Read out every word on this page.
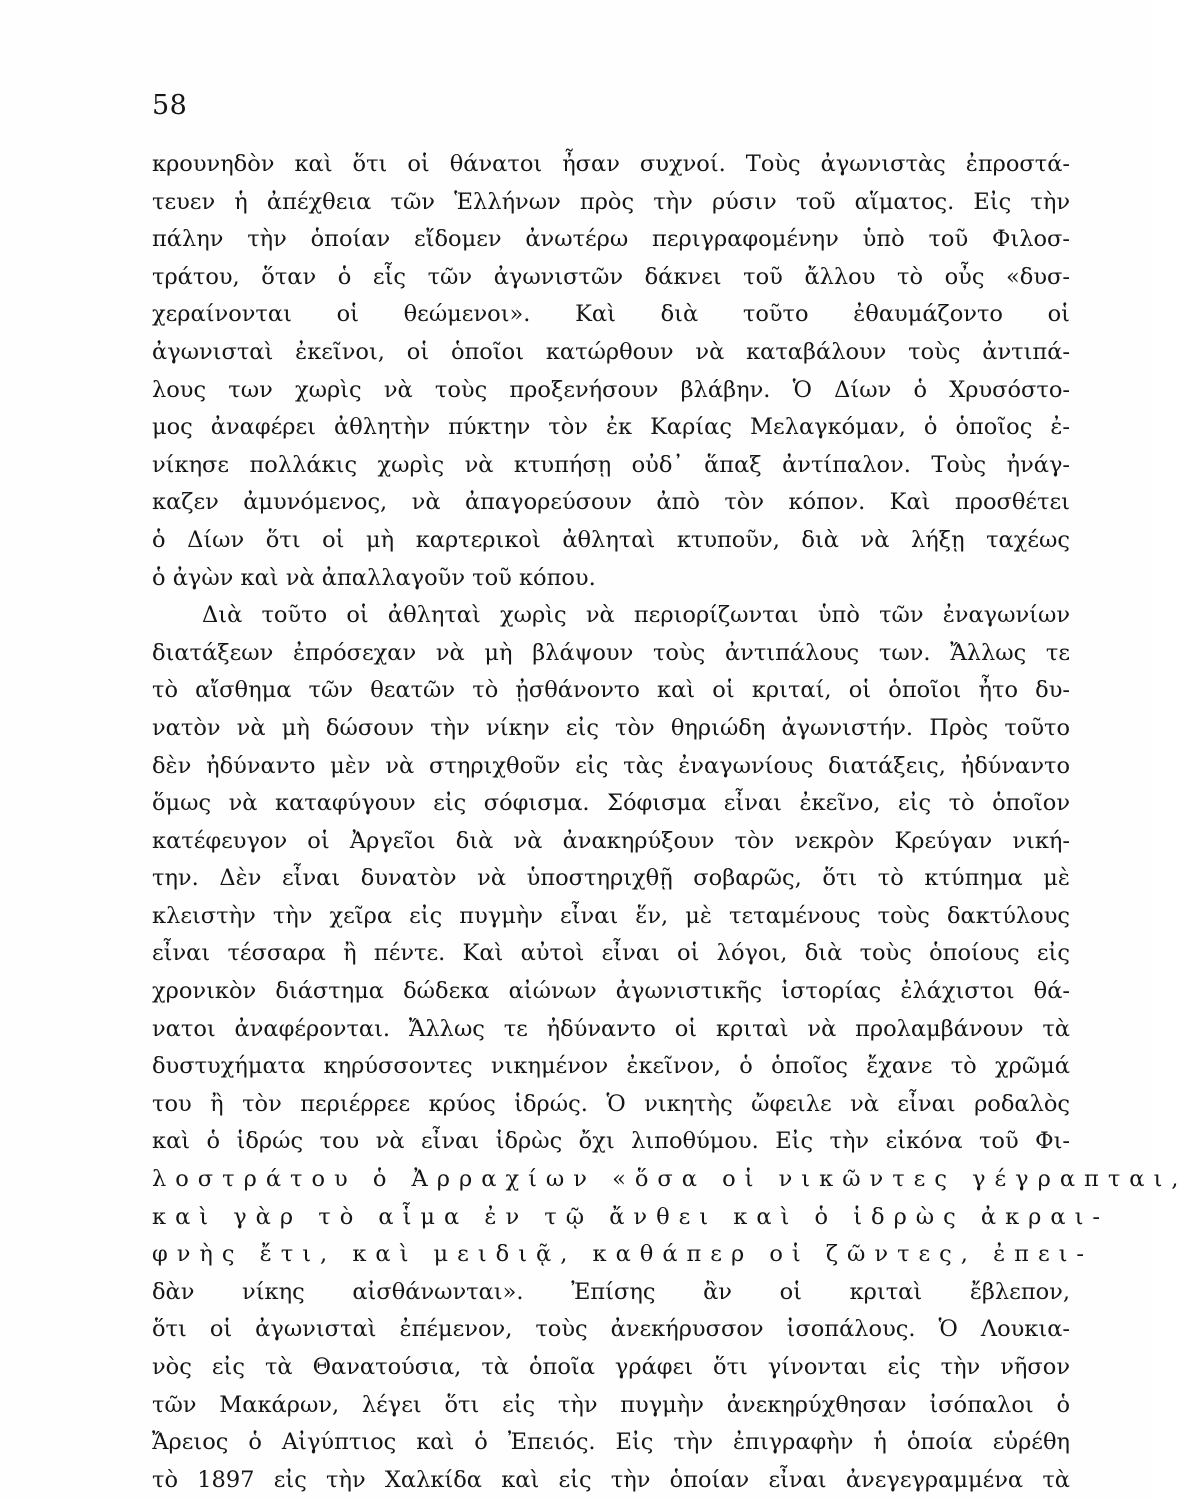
58
κρουνηδὸν καὶ ὅτι οἱ θάνατοι ἦσαν συχνοί. Τοὺς ἀγωνιστὰς ἐπροστά-
τευεν ἡ ἀπέχθεια τῶν Ἑλλήνων πρὸς τὴν ρύσιν τοῦ αἵματος. Εἰς τὴν
πάλην τὴν ὁποίαν εἴδομεν ἀνωτέρω περιγραφομένην ὑπὸ τοῦ Φιλοσ-
τράτου, ὅταν ὁ εἷς τῶν ἀγωνιστῶν δάκνει τοῦ ἄλλου τὸ οὖς «δυσ-
χεραίνονται οἱ θεώμενοι». Καὶ διὰ τοῦτο ἐθαυμάζοντο οἱ
ἀγωνισταὶ ἐκεῖνοι, οἱ ὁποῖοι κατώρθουν νὰ καταβάλουν τοὺς ἀντιπά-
λους των χωρὶς νὰ τοὺς προξενήσουν βλάβην. Ὁ Δίων ὁ Χρυσόστο-
μος ἀναφέρει ἀθλητὴν πύκτην τὸν ἐκ Καρίας Μελαγκόμαν, ὁ ὁποῖος ἐ-
νίκησε πολλάκις χωρὶς νὰ κτυπήσῃ οὐδ᾽ ἅπαξ ἀντίπαλον. Τοὺς ἠνάγ-
καζεν ἀμυνόμενος, νὰ ἀπαγορεύσουν ἀπὸ τὸν κόπον. Καὶ προσθέτει
ὁ Δίων ὅτι οἱ μὴ καρτερικοὶ ἀθληταὶ κτυποῦν, διὰ νὰ λήξῃ ταχέως
ὁ ἀγὼν καὶ νὰ ἀπαλλαγοῦν τοῦ κόπου.
Διὰ τοῦτο οἱ ἀθληταὶ χωρὶς νὰ περιορίζωνται ὑπὸ τῶν ἐναγωνίων
διατάξεων ἐπρόσεχαν νὰ μὴ βλάψουν τοὺς ἀντιπάλους των. Ἄλλως τε
τὸ αἴσθημα τῶν θεατῶν τὸ ᾐσθάνοντο καὶ οἱ κριταί, οἱ ὁποῖοι ἦτο δυ-
νατὸν νὰ μὴ δώσουν τὴν νίκην εἰς τὸν θηριώδη ἀγωνιστήν. Πρὸς τοῦτο
δὲν ἠδύναντο μὲν νὰ στηριχθοῦν εἰς τὰς ἐναγωνίους διατάξεις, ἠδύναντο
ὅμως νὰ καταφύγουν εἰς σόφισμα. Σόφισμα εἶναι ἐκεῖνο, εἰς τὸ ὁποῖον
κατέφευγον οἱ Ἀργεῖοι διὰ νὰ ἀνακηρύξουν τὸν νεκρὸν Κρεύγαν νική-
την. Δὲν εἶναι δυνατὸν νὰ ὑποστηριχθῇ σοβαρῶς, ὅτι τὸ κτύπημα μὲ
κλειστὴν τὴν χεῖρα εἰς πυγμὴν εἶναι ἕν, μὲ τεταμένους τοὺς δακτύλους
εἶναι τέσσαρα ἢ πέντε. Καὶ αὐτοὶ εἶναι οἱ λόγοι, διὰ τοὺς ὁποίους εἰς
χρονικὸν διάστημα δώδεκα αἰώνων ἀγωνιστικῆς ἱστορίας ἐλάχιστοι θά-
νατοι ἀναφέρονται. Ἄλλως τε ἠδύναντο οἱ κριταὶ νὰ προλαμβάνουν τὰ
δυστυχήματα κηρύσσοντες νικημένον ἐκεῖνον, ὁ ὁποῖος ἔχανε τὸ χρῶμά
του ἢ τὸν περιέρρεε κρύος ἱδρώς. Ὁ νικητὴς ὤφειλε νὰ εἶναι ροδαλὸς
καὶ ὁ ἱδρώς του νὰ εἶναι ἱδρὼς ὄχι λιποθύμου. Εἰς τὴν εἰκόνα τοῦ Φι-
λοστράτου ὁ Ἀρραχίων «ὅσα οἱ νικῶντες γέγραπται,
καὶ γὰρ τὸ αἷμα ἐν τῷ ἄνθει καὶ ὁ ἱδρὼς ἀκραι-
φνὴς ἔτι, καὶ μειδιᾷ, καθάπερ οἱ ζῶντες, ἐπει-
δὰν νίκης αἰσθάνωνται». Ἐπίσης ἂν οἱ κριταὶ ἔβλεπον,
ὅτι οἱ ἀγωνισταὶ ἐπέμενον, τοὺς ἀνεκήρυσσον ἰσοπάλους. Ὁ Λουκια-
νὸς εἰς τὰ Θανατούσια, τὰ ὁποῖα γράφει ὅτι γίνονται εἰς τὴν νῆσον
τῶν Μακάρων, λέγει ὅτι εἰς τὴν πυγμὴν ἀνεκηρύχθησαν ἰσόπαλοι ὁ
Ἄρειος ὁ Αἰγύπτιος καὶ ὁ Ἐπειός. Εἰς τὴν ἐπιγραφὴν ἡ ὁποία εὑρέθη
τὸ 1897 εἰς τὴν Χαλκίδα καὶ εἰς τὴν ὁποίαν εἶναι ἀνεγεγραμμένα τὰ
